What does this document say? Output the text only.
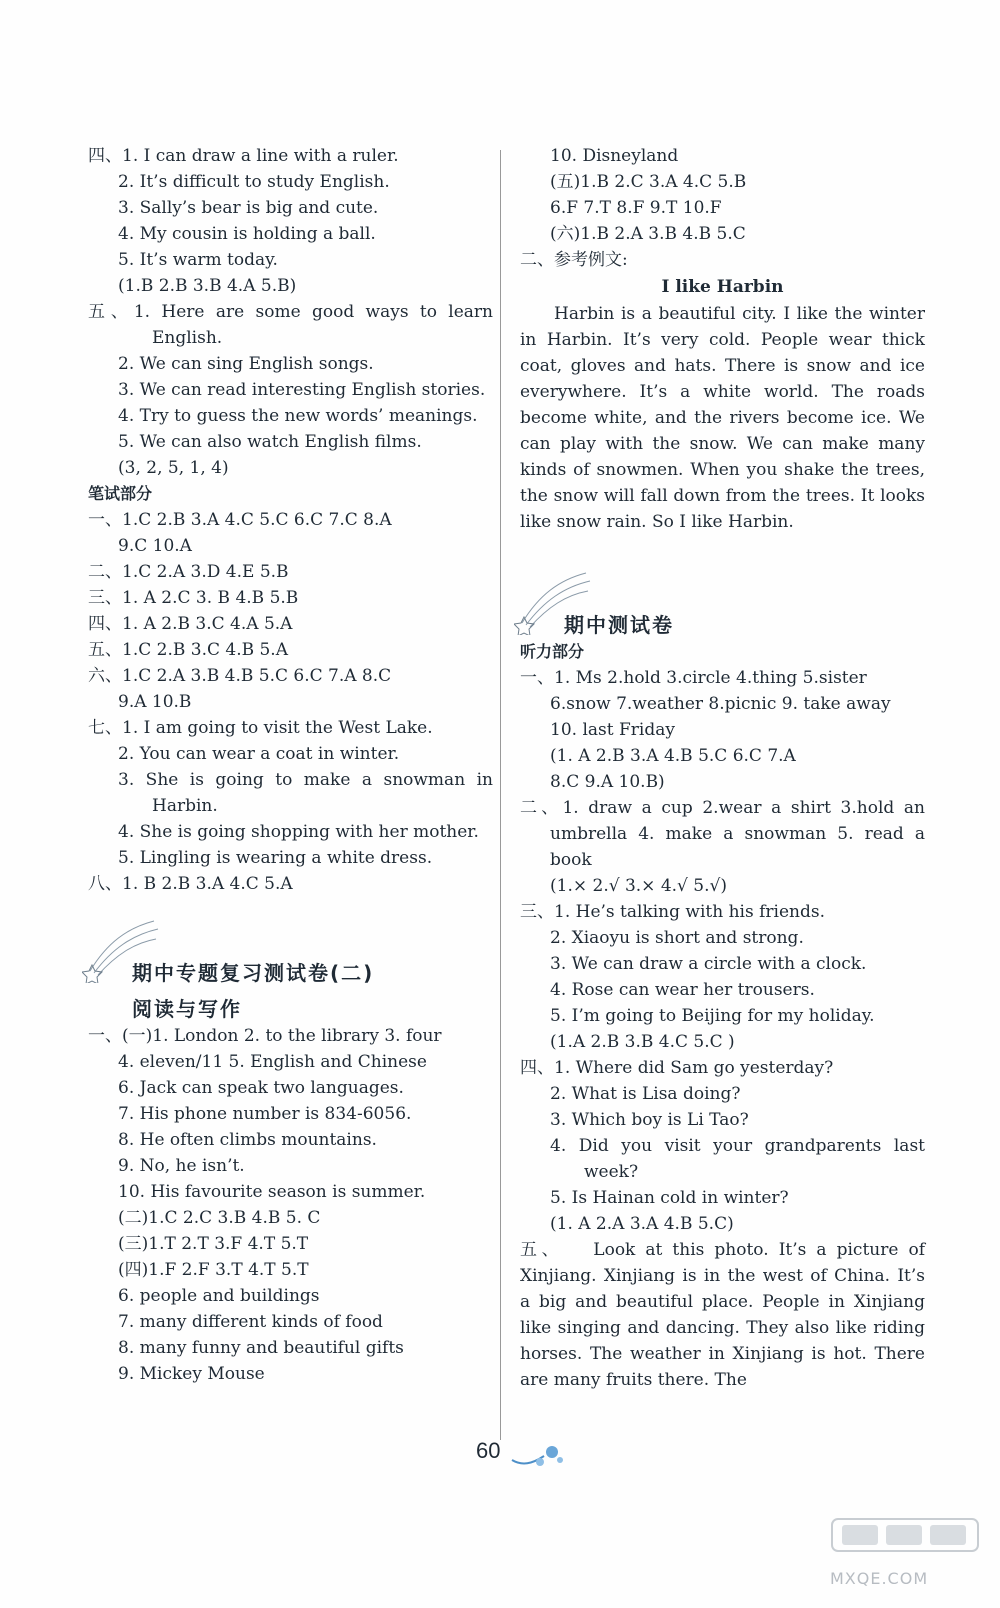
四、1. I can draw a line with a ruler.
2. It’s difficult to study English.
3. Sally’s bear is big and cute.
4. My cousin is holding a ball.
5. It’s warm today.
(1.B 2.B 3.B 4.A 5.B)
五、1. Here are some good ways to learn
English.
2. We can sing English songs.
3. We can read interesting English stories.
4. Try to guess the new words’ meanings.
5. We can also watch English films.
(3, 2, 5, 1, 4)
笔试部分
一、1.C 2.B 3.A 4.C 5.C 6.C 7.C 8.A
9.C 10.A
二、1.C 2.A 3.D 4.E 5.B
三、1. A 2.C 3. B 4.B 5.B
四、1. A 2.B 3.C 4.A 5.A
五、1.C 2.B 3.C 4.B 5.A
六、1.C 2.A 3.B 4.B 5.C 6.C 7.A 8.C
9.A 10.B
七、1. I am going to visit the West Lake.
2. You can wear a coat in winter.
3. She is going to make a snowman in
Harbin.
4. She is going shopping with her mother.
5. Lingling is wearing a white dress.
八、1. B 2.B 3.A 4.C 5.A
期中专题复习测试卷(二)
阅读与写作
一、(一)1. London 2. to the library 3. four
4. eleven/11 5. English and Chinese
6. Jack can speak two languages.
7. His phone number is 834-6056.
8. He often climbs mountains.
9. No, he isn’t.
10. His favourite season is summer.
(二)1.C 2.C 3.B 4.B 5. C
(三)1.T 2.T 3.F 4.T 5.T
(四)1.F 2.F 3.T 4.T 5.T
6. people and buildings
7. many different kinds of food
8. many funny and beautiful gifts
9. Mickey Mouse
10. Disneyland
(五)1.B 2.C 3.A 4.C 5.B
6.F 7.T 8.F 9.T 10.F
(六)1.B 2.A 3.B 4.B 5.C
二、参考例文:
I like Harbin
Harbin is a beautiful city. I like the winter in Harbin. It’s very cold. People wear thick coat, gloves and hats. There is snow and ice everywhere. It’s a white world. The roads become white, and the rivers become ice. We can play with the snow. We can make many kinds of snowmen. When you shake the trees, the snow will fall down from the trees. It looks like snow rain. So I like Harbin.
期中测试卷
听力部分
一、1. Ms 2.hold 3.circle 4.thing 5.sister
6.snow 7.weather 8.picnic 9. take away
10. last Friday
(1. A 2.B 3.A 4.B 5.C 6.C 7.A
8.C 9.A 10.B)
二、1. draw a cup 2.wear a shirt 3.hold an
umbrella 4. make a snowman 5. read a
book
(1.× 2.√ 3.× 4.√ 5.√)
三、1. He’s talking with his friends.
2. Xiaoyu is short and strong.
3. We can draw a circle with a clock.
4. Rose can wear her trousers.
5. I’m going to Beijing for my holiday.
(1.A 2.B 3.B 4.C 5.C )
四、1. Where did Sam go yesterday?
2. What is Lisa doing?
3. Which boy is Li Tao?
4. Did you visit your grandparents last
week?
5. Is Hainan cold in winter?
(1. A 2.A 3.A 4.B 5.C)
五、 Look at this photo. It’s a picture of Xinjiang. Xinjiang is in the west of China. It’s a big and beautiful place. People in Xinjiang like singing and dancing. They also like riding horses. The weather in Xinjiang is hot. There are many fruits there. The
60
MXQE.COM
